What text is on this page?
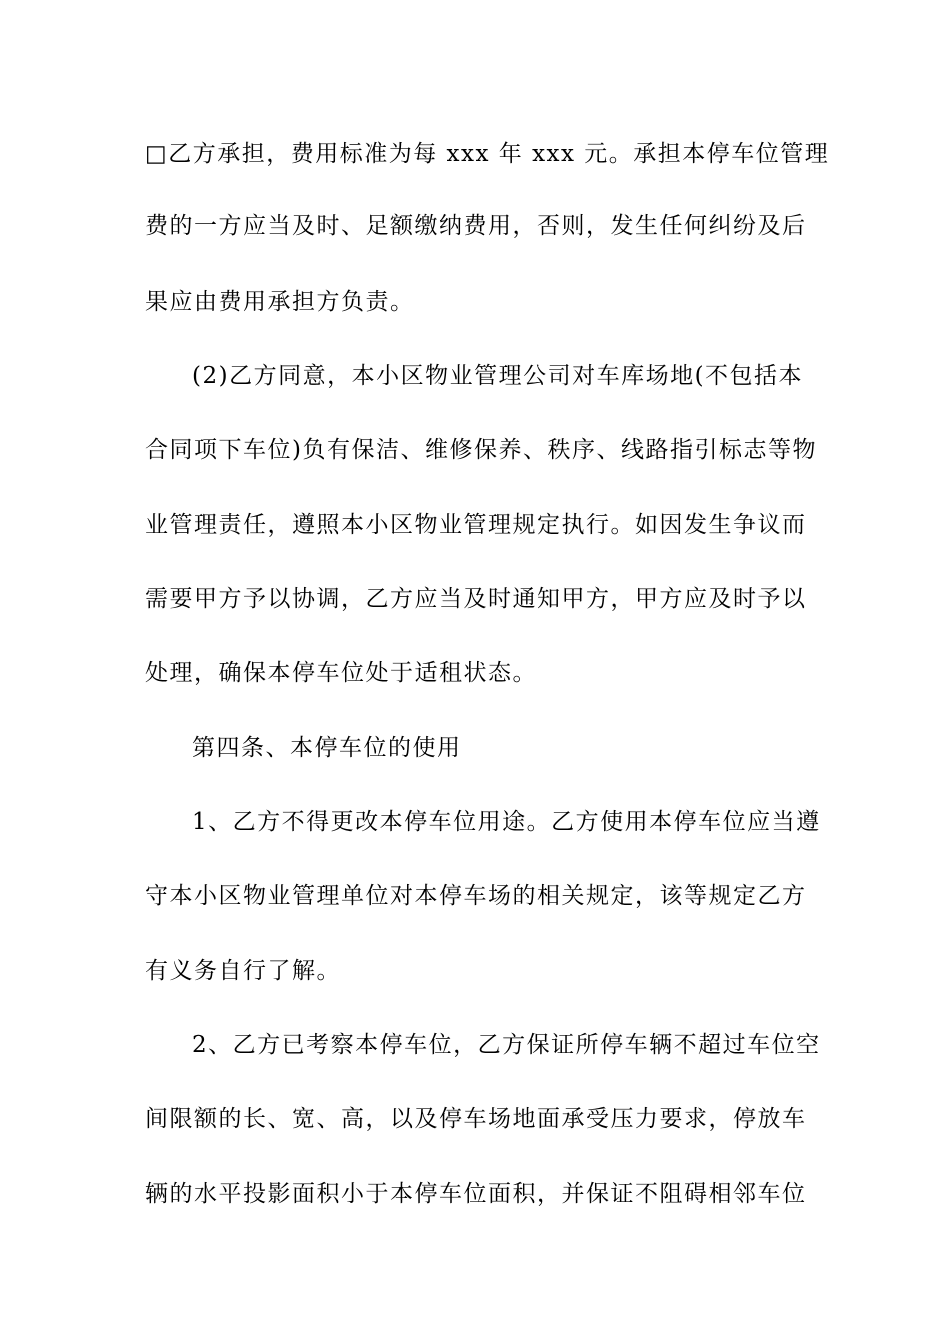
□乙方承担，费用标准为每 xxx 年 xxx 元。承担本停车位管理
费的一方应当及时、足额缴纳费用，否则，发生任何纠纷及后
果应由费用承担方负责。
(2)乙方同意，本小区物业管理公司对车库场地(不包括本
合同项下车位)负有保洁、维修保养、秩序、线路指引标志等物
业管理责任，遵照本小区物业管理规定执行。如因发生争议而
需要甲方予以协调，乙方应当及时通知甲方，甲方应及时予以
处理，确保本停车位处于适租状态。
第四条、本停车位的使用
1、乙方不得更改本停车位用途。乙方使用本停车位应当遵
守本小区物业管理单位对本停车场的相关规定，该等规定乙方
有义务自行了解。
2、乙方已考察本停车位，乙方保证所停车辆不超过车位空
间限额的长、宽、高，以及停车场地面承受压力要求，停放车
辆的水平投影面积小于本停车位面积，并保证不阻碍相邻车位
